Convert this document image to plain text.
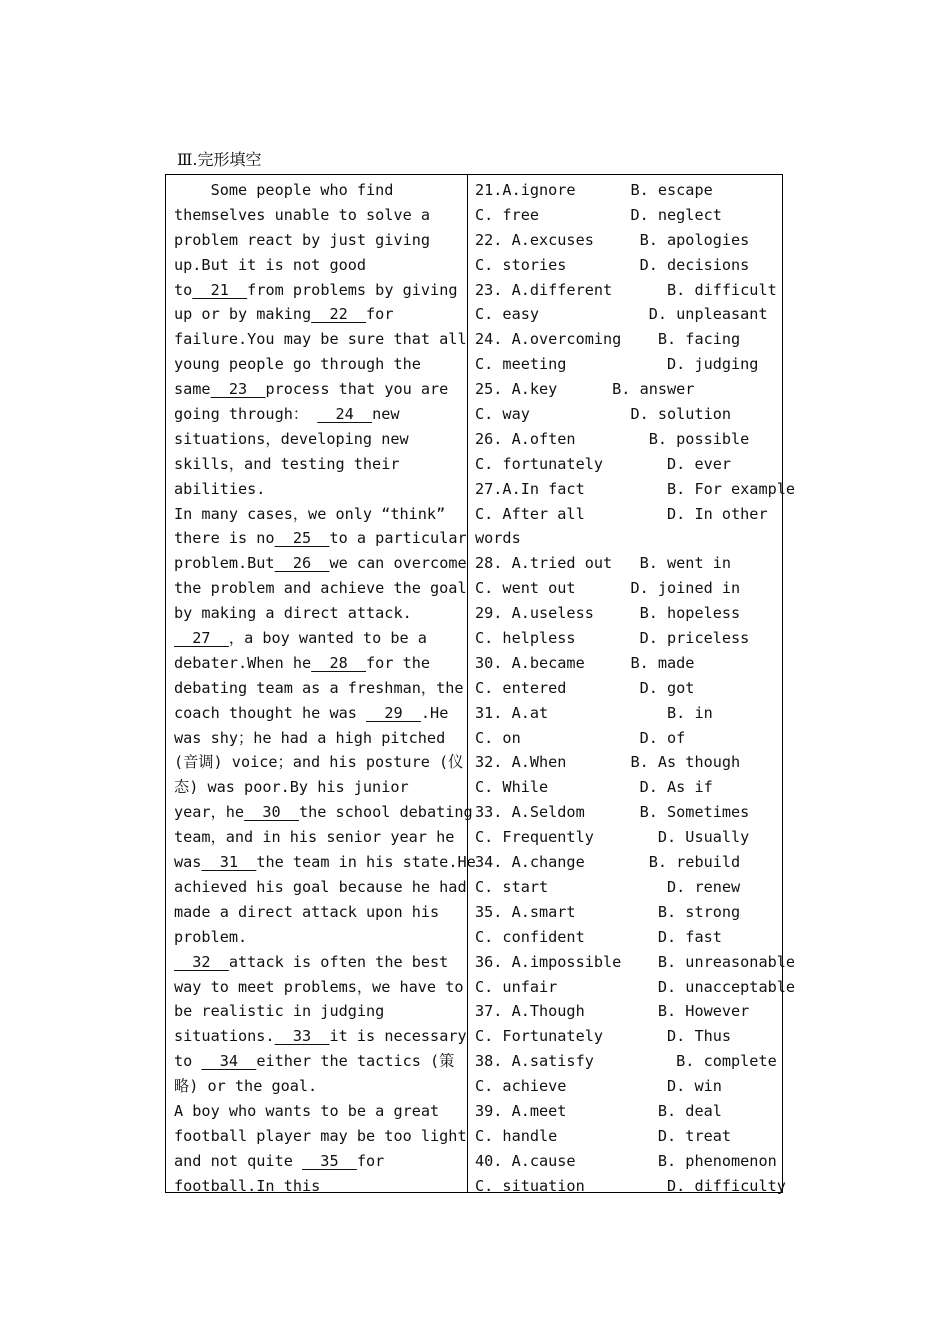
Ⅲ.完形填空
Some people who find
themselves unable to solve a
problem react by just giving
up.But it is not good
to  21  from problems by giving
up or by making  22  for
failure.You may be sure that all
young people go through the
same  23  process that you are
going through：   24  new
situations，developing new
skills，and testing their
abilities.
In many cases，we only “think”
there is no  25  to a particular
problem.But  26  we can overcome
the problem and achieve the goal
by making a direct attack.
27  ，a boy wanted to be a
debater.When he  28  for the
debating team as a freshman，the
coach thought he was   29  .He
was shy；he had a high pitched
(音调) voice；and his posture (仪
态) was poor.By his junior
year，he  30  the school debating
team，and in his senior year he
was  31  the team in his state.He
achieved his goal because he had
made a direct attack upon his
problem.
32  attack is often the best
way to meet problems，we have to
be realistic in judging
situations.  33  it is necessary
to   34  either the tactics (策
略) or the goal.
A boy who wants to be a great
football player may be too light
and not quite   35  for
football.In this
21.A.ignore      B. escape
C. free          D. neglect
22. A.excuses     B. apologies
C. stories        D. decisions
23. A.different      B. difficult
C. easy            D. unpleasant
24. A.overcoming    B. facing
C. meeting           D. judging
25. A.key      B. answer
C. way           D. solution
26. A.often        B. possible
C. fortunately       D. ever
27.A.In fact         B. For example
C. After all         D. In other
words
28. A.tried out   B. went in
C. went out      D. joined in
29. A.useless     B. hopeless
C. helpless       D. priceless
30. A.became     B. made
C. entered        D. got
31. A.at             B. in
C. on             D. of
32. A.When       B. As though
C. While          D. As if
33. A.Seldom      B. Sometimes
C. Frequently       D. Usually
34. A.change       B. rebuild
C. start             D. renew
35. A.smart         B. strong
C. confident        D. fast
36. A.impossible    B. unreasonable
C. unfair           D. unacceptable
37. A.Though        B. However
C. Fortunately       D. Thus
38. A.satisfy         B. complete
C. achieve           D. win
39. A.meet          B. deal
C. handle           D. treat
40. A.cause         B. phenomenon
C. situation         D. difficulty
